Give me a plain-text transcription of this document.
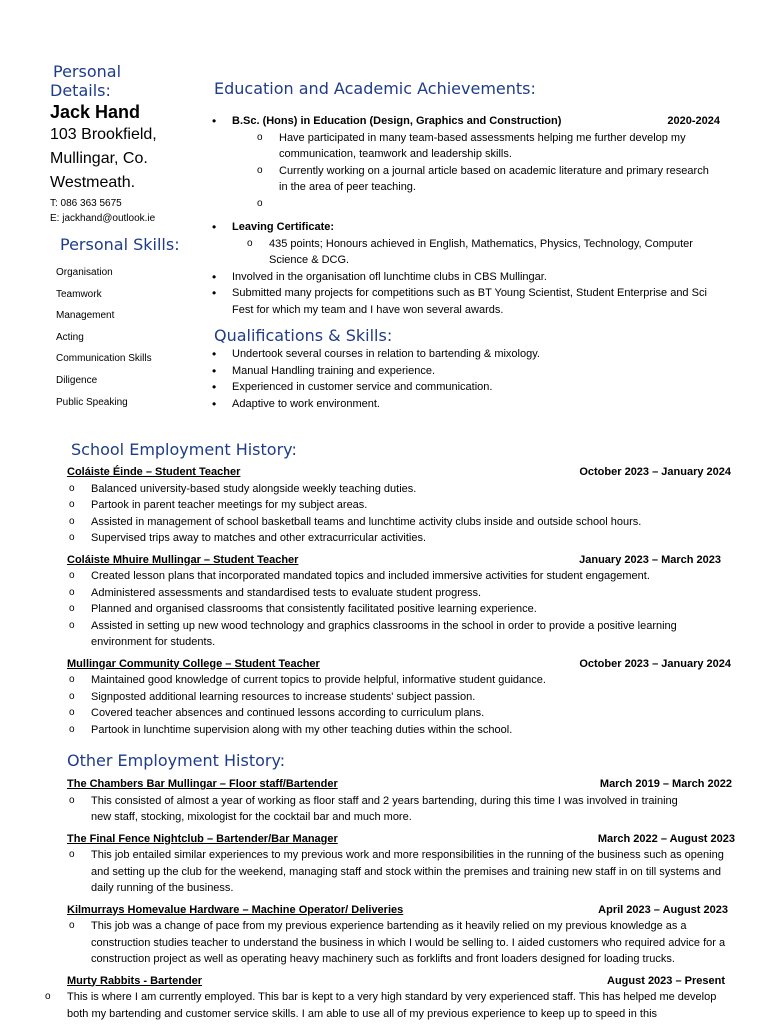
Personal
Details:
Jack Hand
103 Brookfield,
Mullingar, Co.
Westmeath.
T: 086 363 5675
E: jackhand@outlook.ie
Personal Skills:
Organisation
Teamwork
Management
Acting
Communication Skills
Diligence
Public Speaking
Education and Academic Achievements:
• B.Sc. (Hons) in Education (Design, Graphics and Construction)	2020-2024
o Have participated in many team-based assessments helping me further develop my communication, teamwork and leadership skills.
o Currently working on a journal article based on academic literature and primary research in the area of peer teaching.
o
• Leaving Certificate:
o 435 points; Honours achieved in English, Mathematics, Physics, Technology, Computer Science & DCG.
• Involved in the organisation ofl lunchtime clubs in CBS Mullingar.
• Submitted many projects for competitions such as BT Young Scientist, Student Enterprise and Sci Fest for which my team and I have won several awards.
Qualifications & Skills:
• Undertook several courses in relation to bartending & mixology.
• Manual Handling training and experience.
• Experienced in customer service and communication.
• Adaptive to work environment.
School Employment History:
Coláiste Éinde – Student Teacher	October 2023 – January 2024
o Balanced university-based study alongside weekly teaching duties.
o Partook in parent teacher meetings for my subject areas.
o Assisted in management of school basketball teams and lunchtime activity clubs inside and outside school hours.
o Supervised trips away to matches and other extracurricular activities.
Coláiste Mhuire Mullingar – Student Teacher	January 2023 – March 2023
o Created lesson plans that incorporated mandated topics and included immersive activities for student engagement.
o Administered assessments and standardised tests to evaluate student progress.
o Planned and organised classrooms that consistently facilitated positive learning experience.
o Assisted in setting up new wood technology and graphics classrooms in the school in order to provide a positive learning environment for students.
Mullingar Community College – Student Teacher	October 2023 – January 2024
o Maintained good knowledge of current topics to provide helpful, informative student guidance.
o Signposted additional learning resources to increase students' subject passion.
o Covered teacher absences and continued lessons according to curriculum plans.
o Partook in lunchtime supervision along with my other teaching duties within the school.
Other Employment History:
The Chambers Bar Mullingar – Floor staff/Bartender	March 2019 – March 2022
o This consisted of almost a year of working as floor staff and 2 years bartending, during this time I was involved in training new staff, stocking, mixologist for the cocktail bar and much more.
The Final Fence Nightclub – Bartender/Bar Manager	March 2022 – August 2023
o This job entailed similar experiences to my previous work and more responsibilities in the running of the business such as opening and setting up the club for the weekend, managing staff and stock within the premises and training new staff in on till systems and daily running of the business.
Kilmurrays Homevalue Hardware – Machine Operator/ Deliveries	April 2023 – August 2023
o This job was a change of pace from my previous experience bartending as it heavily relied on my previous knowledge as a construction studies teacher to understand the business in which I would be selling to. I aided customers who required advice for a construction project as well as operating heavy machinery such as forklifts and front loaders designed for loading trucks.
Murty Rabbits - Bartender	August 2023 – Present
o This is where I am currently employed. This bar is kept to a very high standard by very experienced staff. This has helped me develop both my bartending and customer service skills. I am able to use all of my previous experience to keep up to speed in this
